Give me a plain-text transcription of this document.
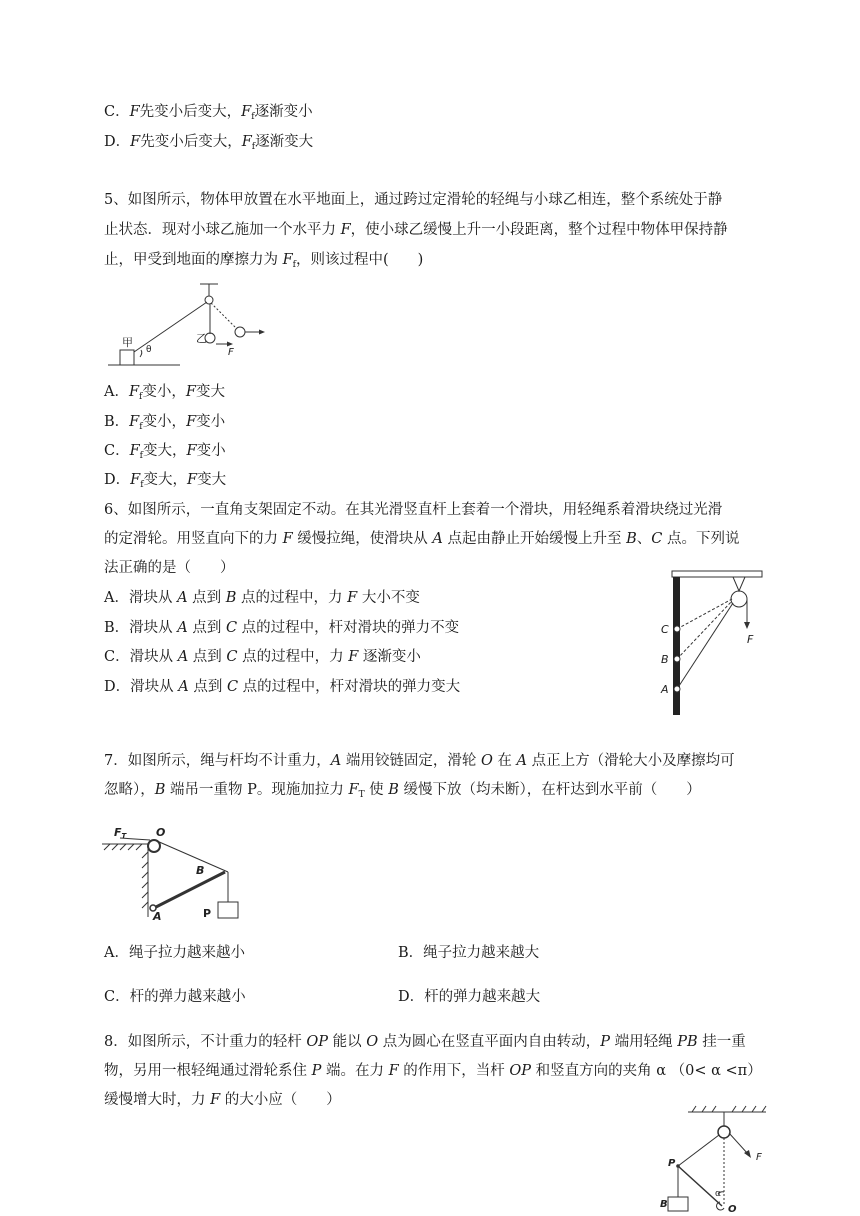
C．F先变小后变大，$F_f$逐渐变小
D．F先变小后变大，$F_f$逐渐变大
5、如图所示，物体甲放置在水平地面上，通过跨过定滑轮的轻绳与小球乙相连，整个系统处于静
止状态．现对小球乙施加一个水平力 F，使小球乙缓慢上升一小段距离，整个过程中物体甲保持静
止，甲受到地面的摩擦力为 $F_f$，则该过程中(　　)
甲
θ
乙
F
A．$F_f$变小，F变大
B．$F_f$变小，F变小
C．$F_f$变大，F变小
D．$F_f$变大，F变大
6、如图所示，一直角支架固定不动。在其光滑竖直杆上套着一个滑块，用轻绳系着滑块绕过光滑
的定滑轮。用竖直向下的力 F 缓慢拉绳，使滑块从 A 点起由静止开始缓慢上升至 B、C 点。下列说
法正确的是（　　）
A．滑块从 A 点到 B 点的过程中，力 F 大小不变
B．滑块从 A 点到 C 点的过程中，杆对滑块的弹力不变
C．滑块从 A 点到 C 点的过程中，力 F 逐渐变小
D．滑块从 A 点到 C 点的过程中，杆对滑块的弹力变大
C
B
A
F
7．如图所示，绳与杆均不计重力，A 端用铰链固定，滑轮 O 在 A 点正上方（滑轮大小及摩擦均可
忽略），B 端吊一重物 P。现施加拉力 $F_T$ 使 B 缓慢下放（均未断），在杆达到水平前（　　）
FT	O
B
A	P
A．绳子拉力越来越小	B．绳子拉力越来越大
C．杆的弹力越来越小	D．杆的弹力越来越大
8．如图所示，不计重力的轻杆 OP 能以 O 点为圆心在竖直平面内自由转动，P 端用轻绳 PB 挂一重
物，另用一根轻绳通过滑轮系住 P 端。在力 F 的作用下，当杆 OP 和竖直方向的夹角 α （0< α <π）
缓慢增大时，力 F 的大小应（　　）
F
P
B
α
O
